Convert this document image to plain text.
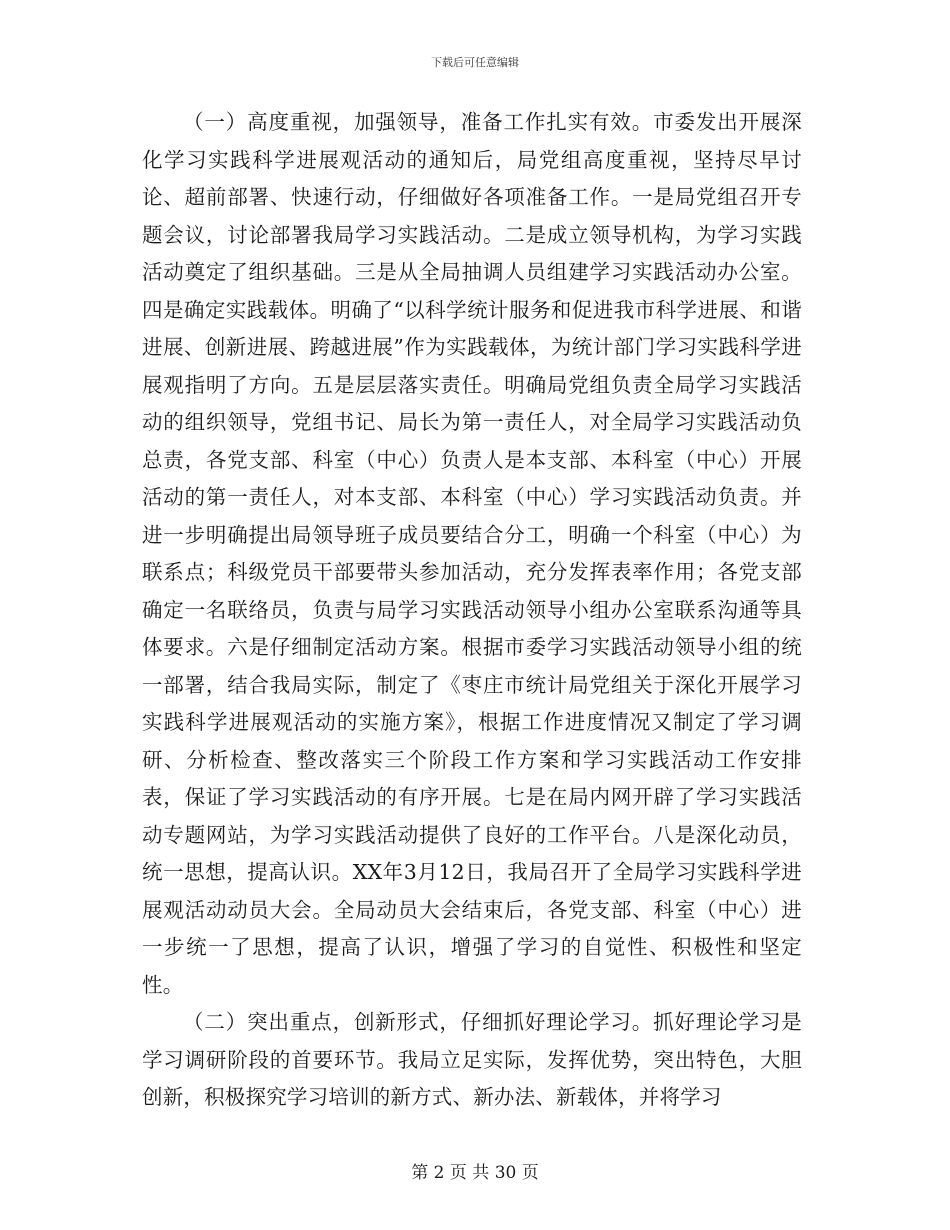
下载后可任意编辑

（一）高度重视，加强领导，准备工作扎实有效。市委发出开展深化学习实践科学进展观活动的通知后，局党组高度重视，坚持尽早讨论、超前部署、快速行动，仔细做好各项准备工作。一是局党组召开专题会议，讨论部署我局学习实践活动。二是成立领导机构，为学习实践活动奠定了组织基础。三是从全局抽调人员组建学习实践活动办公室。四是确定实践载体。明确了“以科学统计服务和促进我市科学进展、和谐进展、创新进展、跨越进展”作为实践载体，为统计部门学习实践科学进展观指明了方向。五是层层落实责任。明确局党组负责全局学习实践活动的组织领导，党组书记、局长为第一责任人，对全局学习实践活动负总责，各党支部、科室（中心）负责人是本支部、本科室（中心）开展活动的第一责任人，对本支部、本科室（中心）学习实践活动负责。并进一步明确提出局领导班子成员要结合分工，明确一个科室（中心）为联系点；科级党员干部要带头参加活动，充分发挥表率作用；各党支部确定一名联络员，负责与局学习实践活动领导小组办公室联系沟通等具体要求。六是仔细制定活动方案。根据市委学习实践活动领导小组的统一部署，结合我局实际，制定了《枣庄市统计局党组关于深化开展学习实践科学进展观活动的实施方案》，根据工作进度情况又制定了学习调研、分析检查、整改落实三个阶段工作方案和学习实践活动工作安排表，保证了学习实践活动的有序开展。七是在局内网开辟了学习实践活动专题网站，为学习实践活动提供了良好的工作平台。八是深化动员，统一思想，提高认识。XX年3月12日，我局召开了全局学习实践科学进展观活动动员大会。全局动员大会结束后，各党支部、科室（中心）进一步统一了思想，提高了认识，增强了学习的自觉性、积极性和坚定性。

（二）突出重点，创新形式，仔细抓好理论学习。抓好理论学习是学习调研阶段的首要环节。我局立足实际，发挥优势，突出特色，大胆创新，积极探究学习培训的新方式、新办法、新载体，并将学习

第 2 页 共 30 页
